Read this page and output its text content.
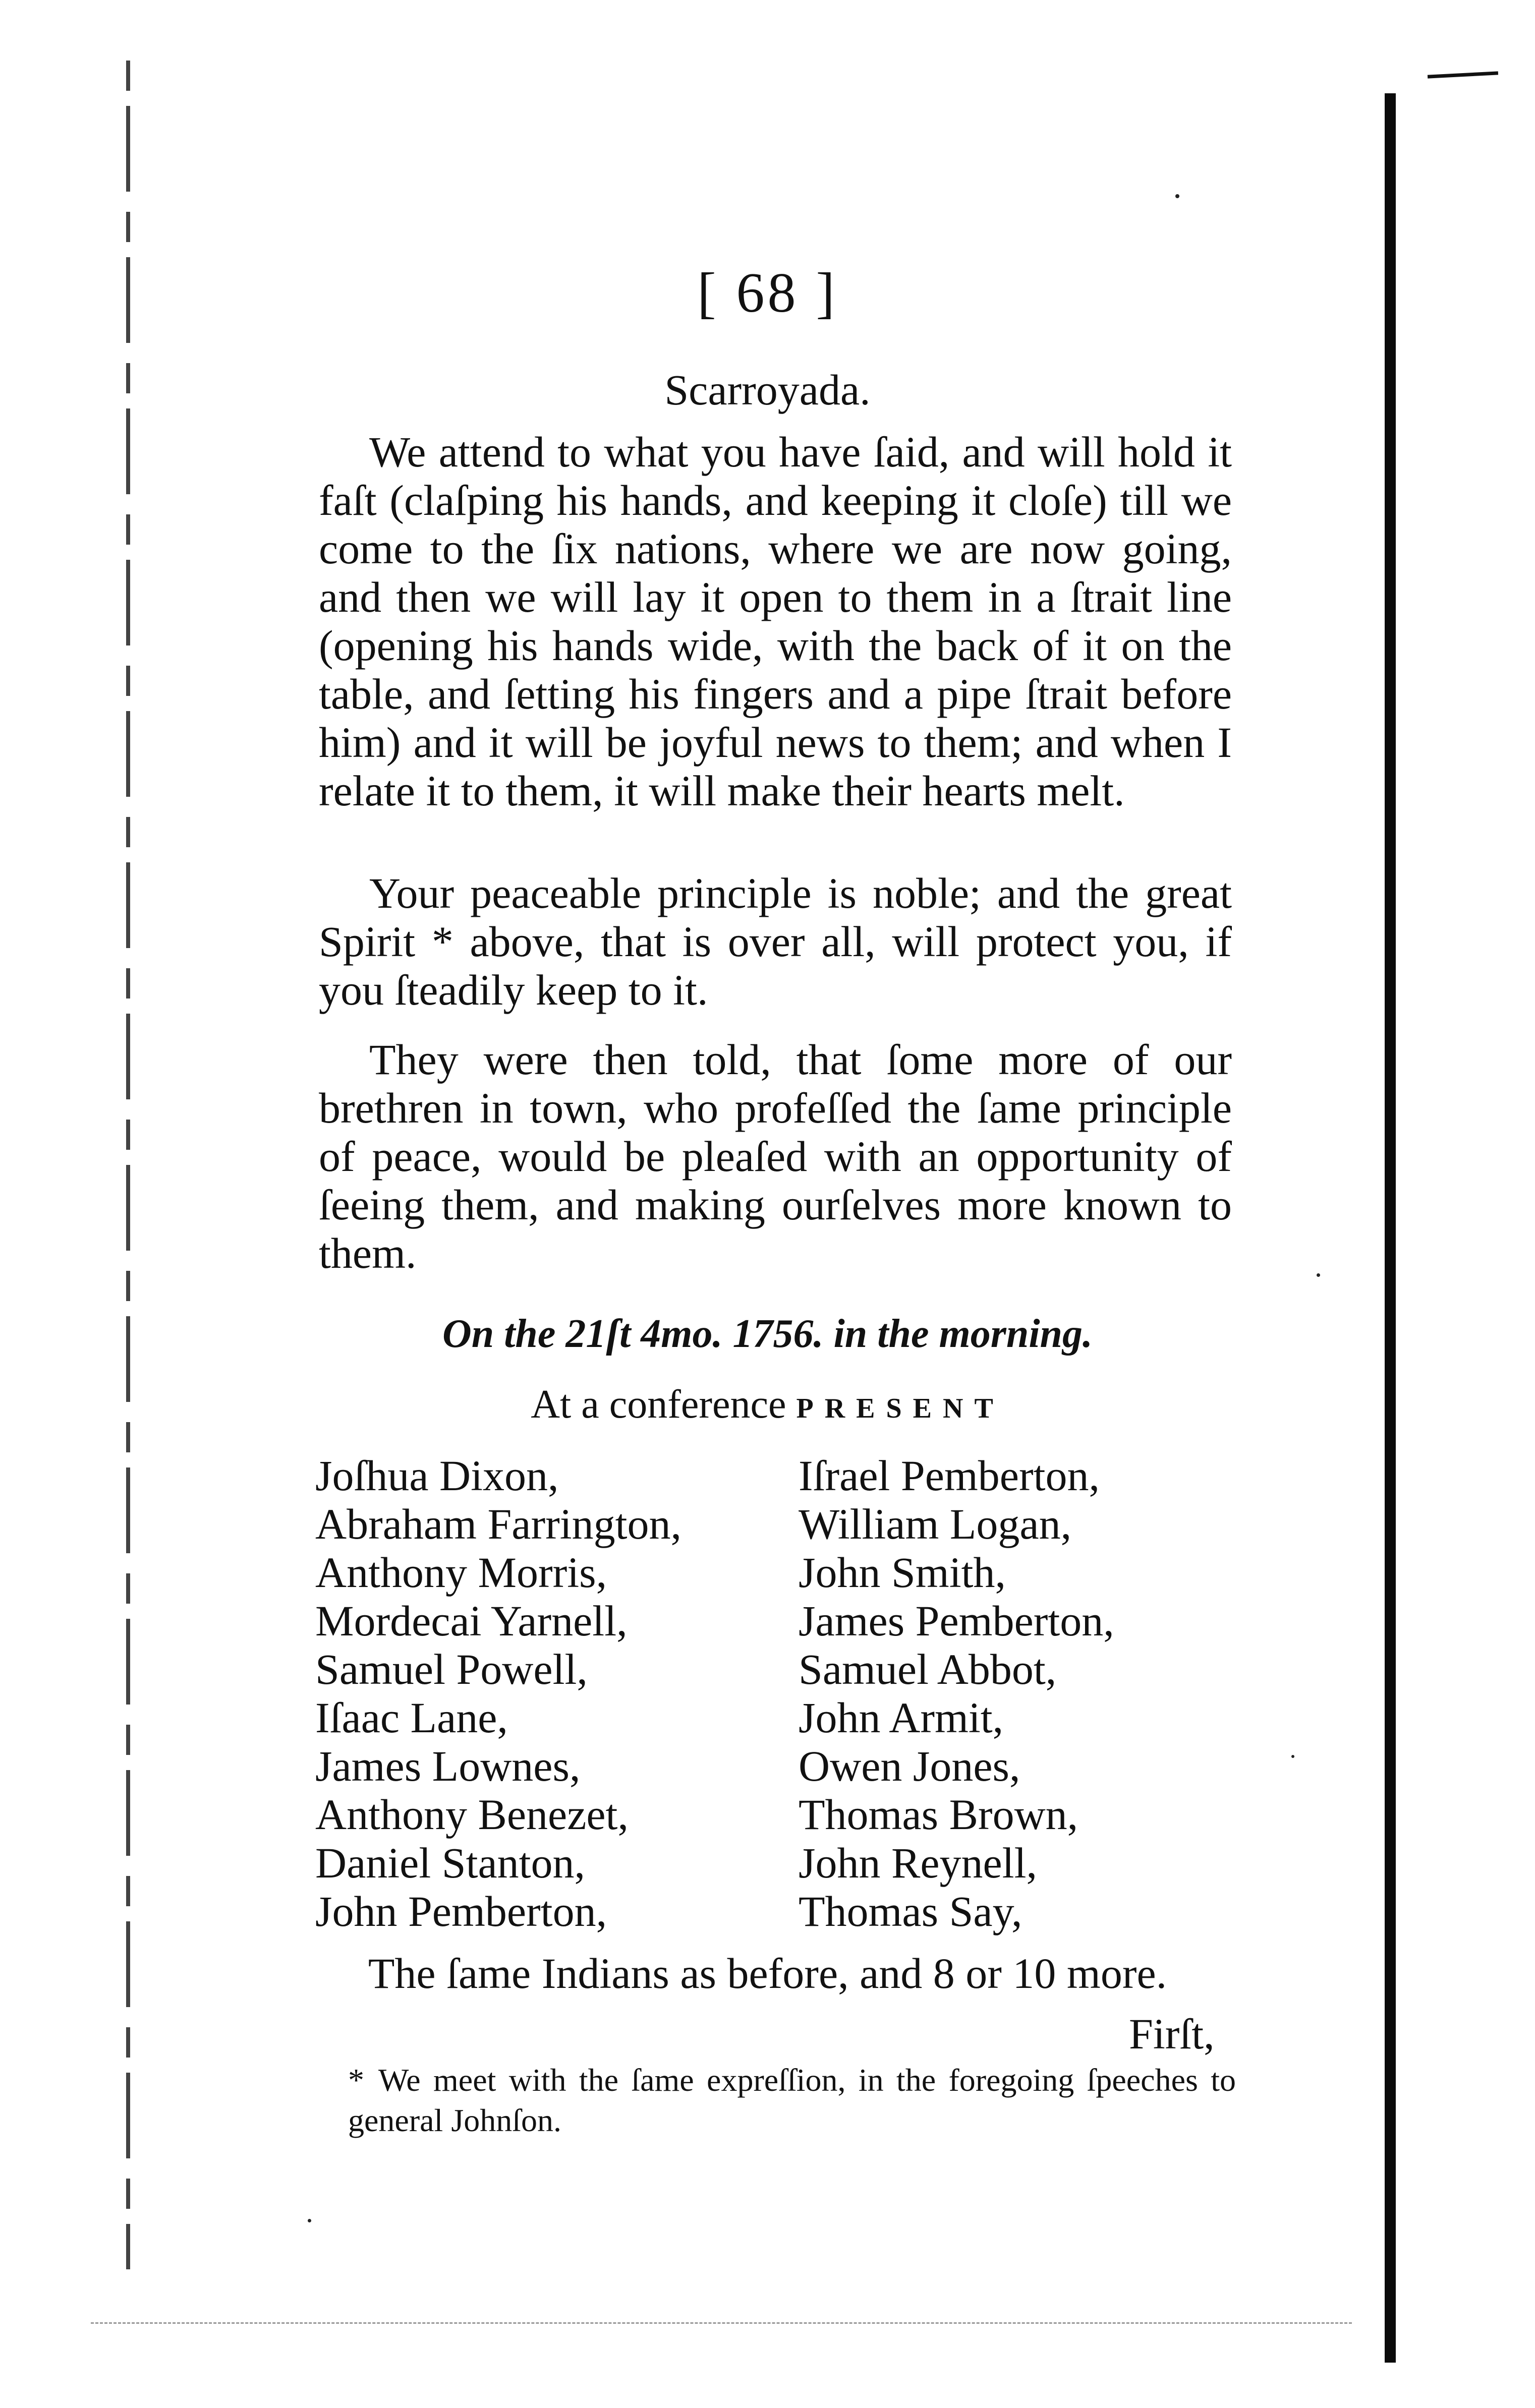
[ 68 ]
Scarroyada.

We attend to what you have ſaid, and will hold it faſt (claſping his hands, and keeping it cloſe) till we come to the ſix nations, where we are now going, and then we will lay it open to them in a ſtrait line (opening his hands wide, with the back of it on the table, and ſetting his fingers and a pipe ſtrait before him) and it will be joyful news to them; and when I relate it to them, it will make their hearts melt.

Your peaceable principle is noble; and the great Spirit * above, that is over all, will protect you, if you ſteadily keep to it.

They were then told, that ſome more of our brethren in town, who profeſſed the ſame principle of peace, would be pleaſed with an opportunity of ſeeing them, and making ourſelves more known to them.

On the 21ſt 4mo. 1756. in the morning.
At a conference PRESENT
Joſhua Dixon,
Abraham Farrington,
Anthony Morris,
Mordecai Yarnell,
Samuel Powell,
Iſaac Lane,
James Lownes,
Anthony Benezet,
Daniel Stanton,
John Pemberton,
Iſrael Pemberton,
William Logan,
John Smith,
James Pemberton,
Samuel Abbot,
John Armit,
Owen Jones,
Thomas Brown,
John Reynell,
Thomas Say,
The ſame Indians as before, and 8 or 10 more.
Firſt,
* We meet with the ſame expreſſion, in the foregoing ſpeeches to general Johnſon.
